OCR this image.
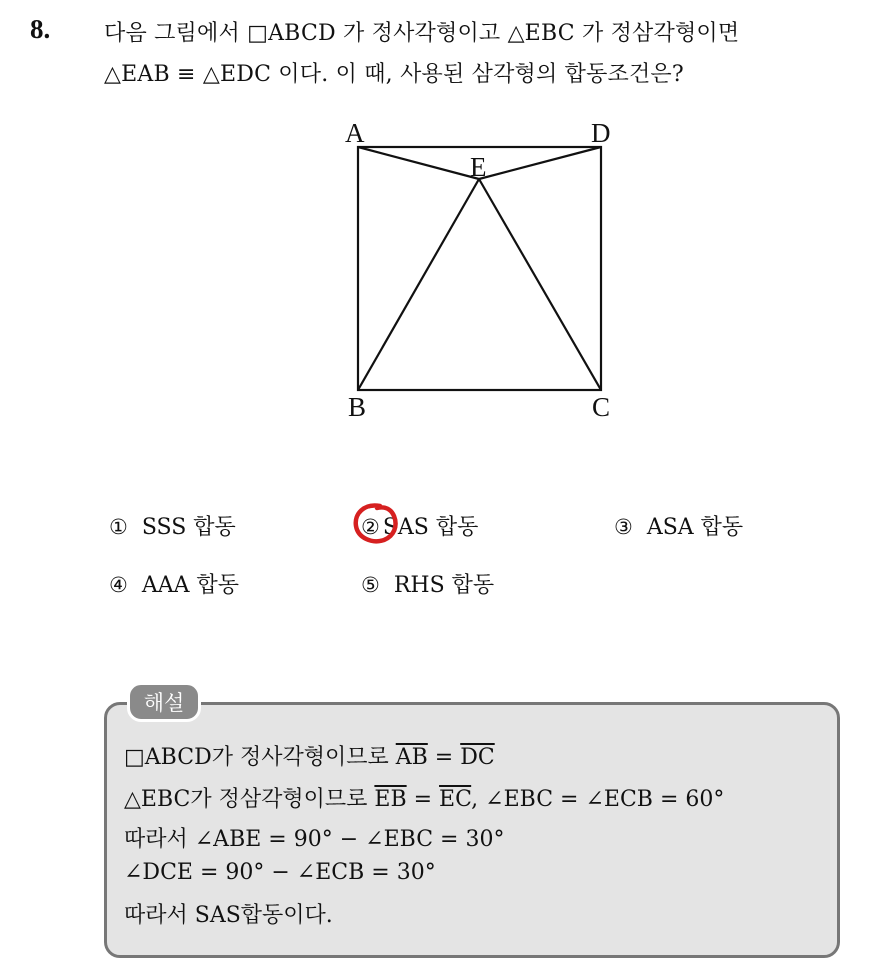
8. 다음 그림에서 □ABCD 가 정사각형이고 △EBC 가 정삼각형이면
△EAB ≡ △EDC 이다. 이 때, 사용된 삼각형의 합동조건은?
A	D
E
B	C
① SSS 합동	② SAS 합동	③ ASA 합동
④ AAA 합동	⑤ RHS 합동
해설
□ABCD가 정사각형이므로 $\overline{AB} = \overline{DC}$
△EBC가 정삼각형이므로 $\overline{EB} = \overline{EC}$, ∠EBC = ∠ECB = 60°
따라서 ∠ABE = 90° − ∠EBC = 30°
∠DCE = 90° − ∠ECB = 30°
따라서 SAS합동이다.
